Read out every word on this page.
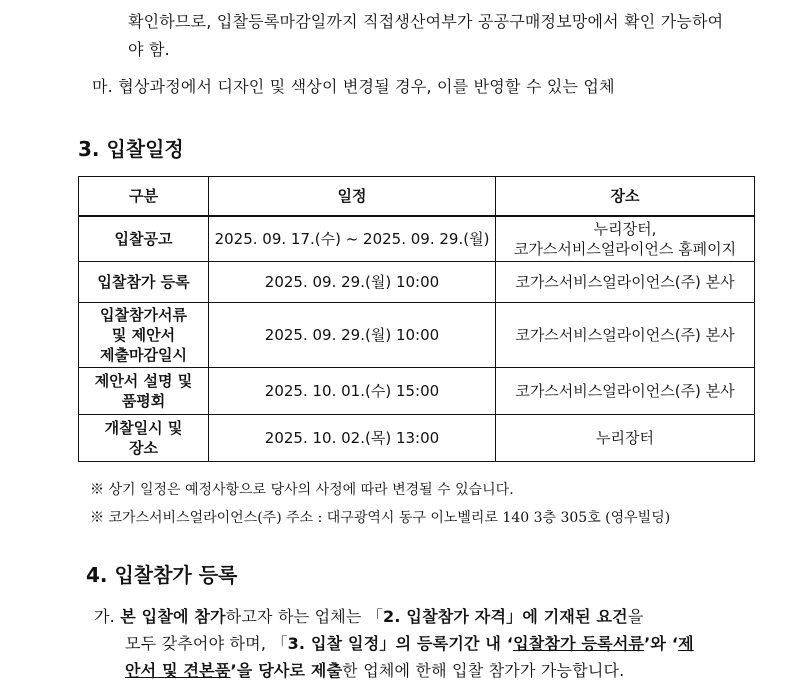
확인하므로, 입찰등록마감일까지 직접생산여부가 공공구매정보망에서 확인 가능하여
야 함.
마. 협상과정에서 디자인 및 색상이 변경될 경우, 이를 반영할 수 있는 업체
3. 입찰일정
구분	일정	장소

입찰공고	2025. 09. 17.(수) ~ 2025. 09. 29.(월)	누리장터,
코가스서비스얼라이언스 홈페이지

입찰참가 등록	2025. 09. 29.(월) 10:00	코가스서비스얼라이언스(주) 본사

입찰참가서류
및 제안서
제출마감일시	2025. 09. 29.(월) 10:00	코가스서비스얼라이언스(주) 본사

제안서 설명 및
품평회	2025. 10. 01.(수) 15:00	코가스서비스얼라이언스(주) 본사

개찰일시 및
장소	2025. 10. 02.(목) 13:00	누리장터
※ 상기 일정은 예정사항으로 당사의 사정에 따라 변경될 수 있습니다.
※ 코가스서비스얼라이언스(주) 주소 : 대구광역시 동구 이노벨리로 140 3층 305호 (영우빌딩)
4. 입찰참가 등록
가. 본 입찰에 참가하고자 하는 업체는 「2. 입찰참가 자격」에 기재된 요건을
모두 갖추어야 하며, 「3. 입찰 일정」의 등록기간 내 ‘입찰참가 등록서류’와 ‘제
안서 및 견본품’을 당사로 제출한 업체에 한해 입찰 참가가 가능합니다.
